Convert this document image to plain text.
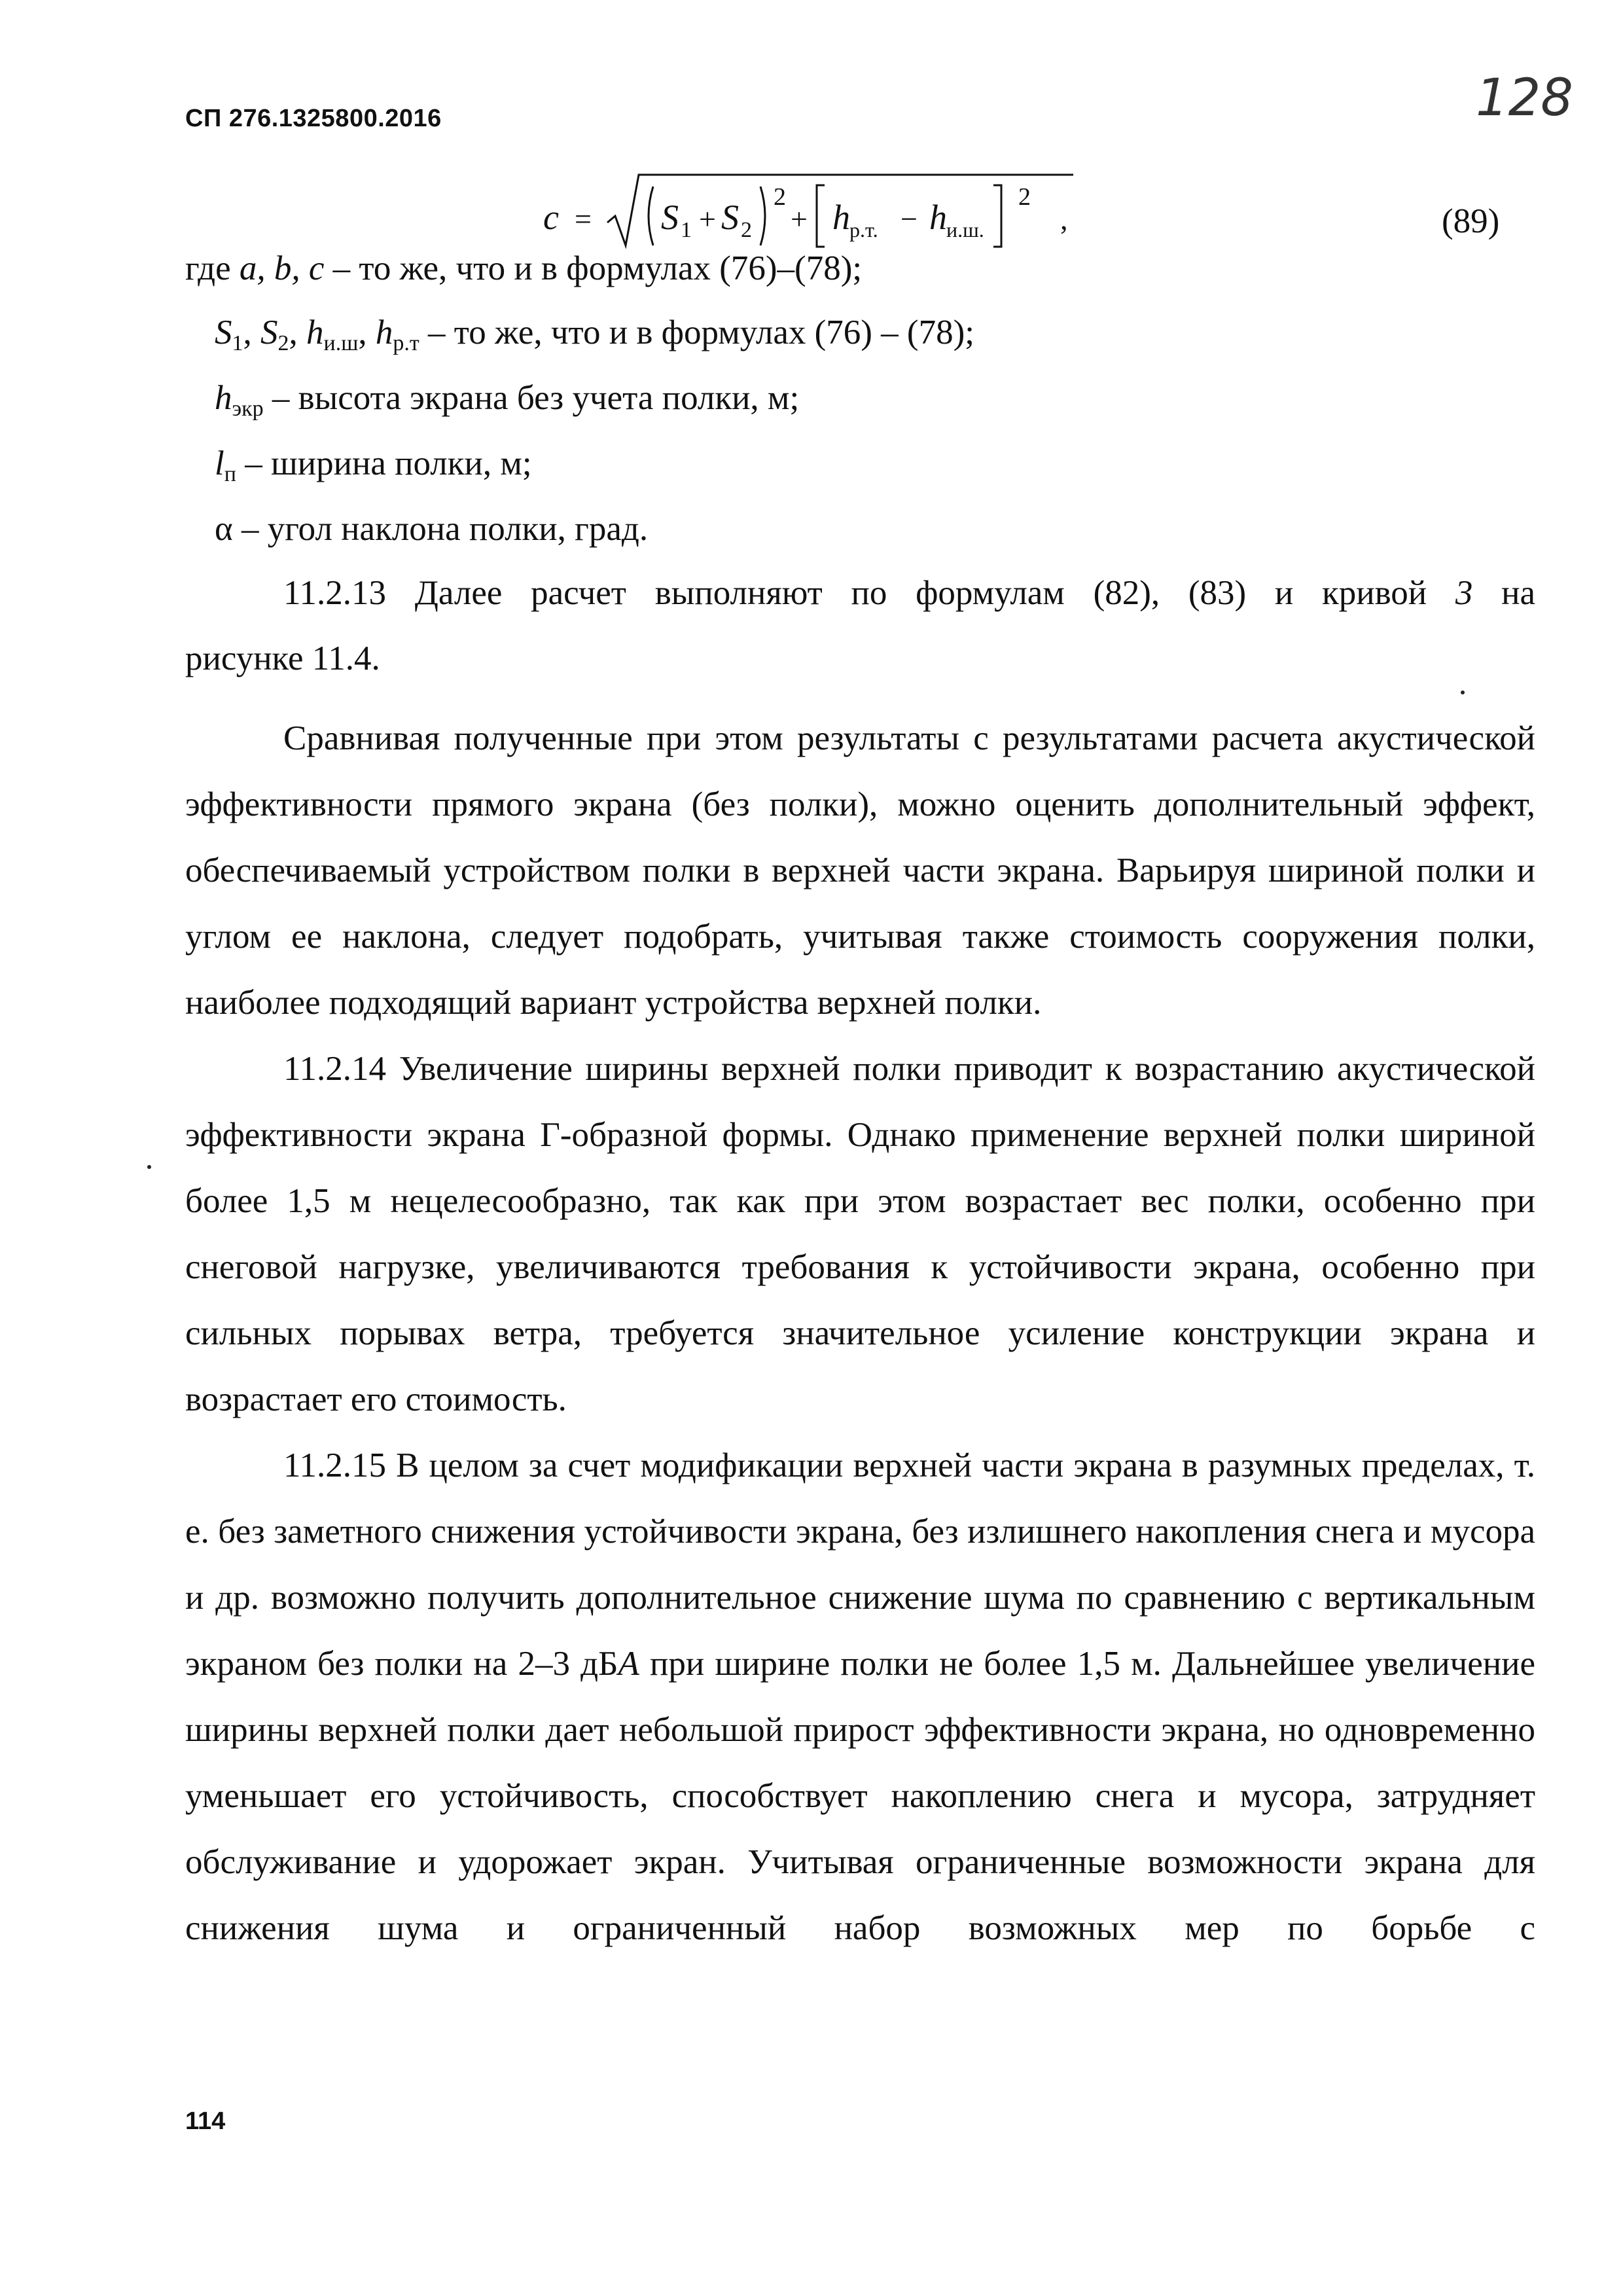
СП 276.1325800.2016	128
c = S 1 + S 2
2
+ h р.т. − h и.ш.
2
,	(89)
где a, b, c – то же, что и в формулах (76)–(78);
$S_1$, $S_2$, $h_{и.ш}$, $h_{р.т}$ – то же, что и в формулах (76) – (78);
$h_{экр}$ – высота экрана без учета полки, м;
$l_п$ – ширина полки, м;
α – угол наклона полки, град.
11.2.13 Далее расчет выполняют по формулам (82), (83) и кривой 3 на
рисунке 11.4.

Сравнивая полученные при этом результаты с результатами расчета акустической эффективности прямого экрана (без полки), можно оценить дополнительный эффект, обеспечиваемый устройством полки в верхней части экрана. Варьируя шириной полки и углом ее наклона, следует подобрать, учитывая также стоимость сооружения полки, наиболее подходящий вариант устройства верхней полки.

11.2.14 Увеличение ширины верхней полки приводит к возрастанию акустической эффективности экрана Г-образной формы. Однако применение верхней полки шириной более 1,5 м нецелесообразно, так как при этом возрастает вес полки, особенно при снеговой нагрузке, увеличиваются требования к устойчивости экрана, особенно при сильных порывах ветра, требуется значительное усиление конструкции экрана и возрастает его стоимость.

11.2.15 В целом за счет модификации верхней части экрана в разумных пределах, т. е. без заметного снижения устойчивости экрана, без излишнего накопления снега и мусора и др. возможно получить дополнительное снижение шума по сравнению с вертикальным экраном без полки на 2–3 дБA при ширине полки не более 1,5 м. Дальнейшее увеличение ширины верхней полки дает небольшой прирост эффективности экрана, но одновременно уменьшает его устойчивость, способствует накоплению снега и мусора, затрудняет обслуживание и удорожает экран. Учитывая ограниченные возможности экрана для снижения шума и ограниченный набор возможных мер по борьбе с

114
